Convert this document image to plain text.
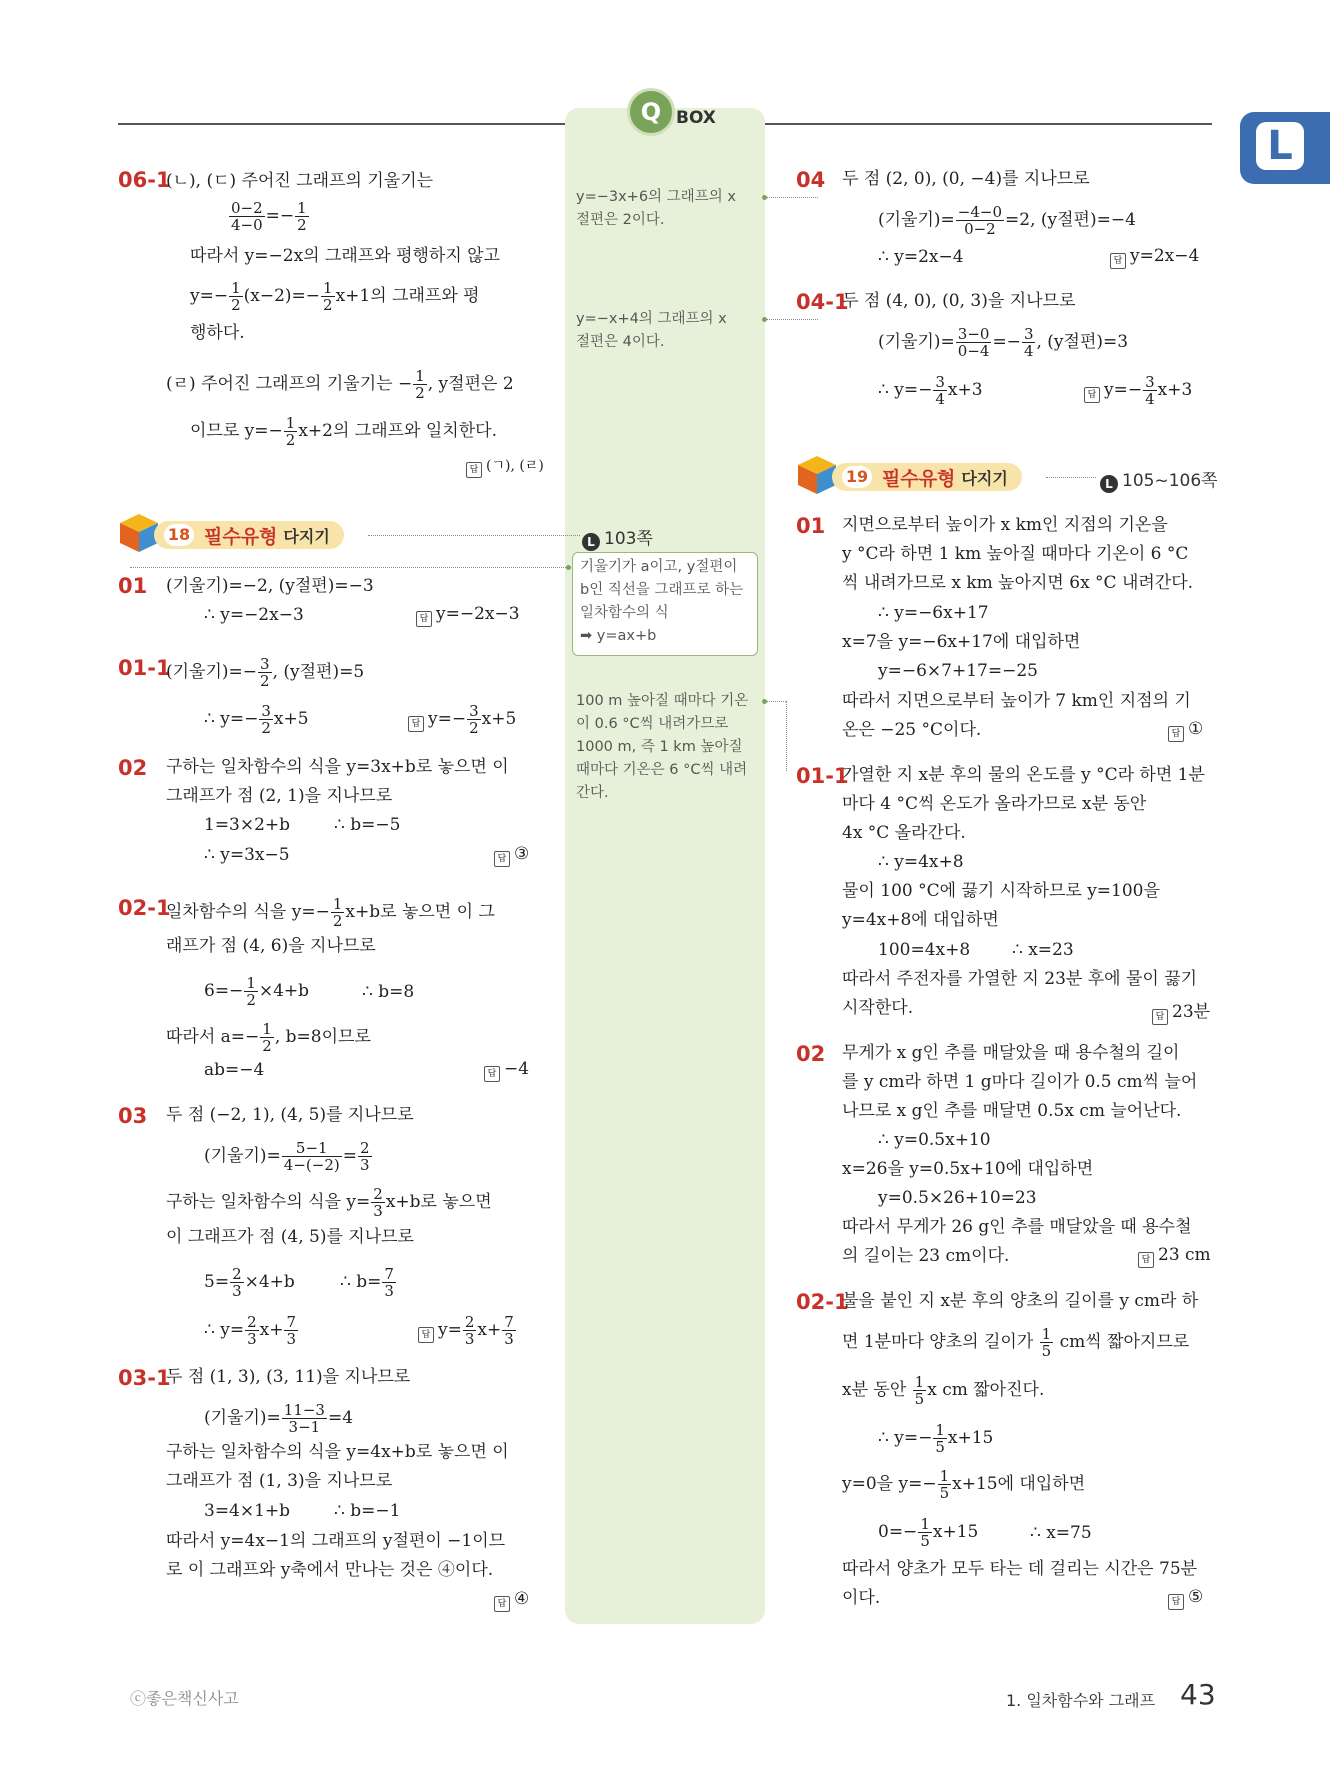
Q BOX
L
y=−3x+6의 그래프의 x
절편은 2이다.
y=−x+4의 그래프의 x
절편은 4이다.
기울기가 a이고, y절편이
b인 직선을 그래프로 하는
일차함수의 식
➡ y=ax+b
100 m 높아질 때마다 기온
이 0.6 °C씩 내려가므로
1000 m, 즉 1 km 높아질
때마다 기온은 6 °C씩 내려
간다.
06-1
(ㄴ), (ㄷ) 주어진 그래프의 기울기는
$\frac{0-2}{4-0} =- \frac{1}{2}$
따라서 y=−2x의 그래프와 평행하지 않고
$y=- \frac{1}{2} (x-2)=- \frac{1}{2} x+1$의 그래프와 평
행하다.
(ㄹ) 주어진 그래프의 기울기는 − $\frac{1}{2}$ , y절편은 2
이므로 $y=- \frac{1}{2} x+2$의 그래프와 일치한다.
답 (ㄱ), (ㄹ)
18 필수유형 다지기	L 103쪽
01 (기울기)=−2, (y절편)=−3
∴ y=−2x−3	답 y=−2x−3
01-1
(기울기)=− $\frac{3}{2}$ , (y절편)=5
∴ $y=- \frac{3}{2} x+5$	답 $y=- \frac{3}{2} x+5$
02 구하는 일차함수의 식을 y=3x+b로 놓으면 이
그래프가 점 (2, 1)을 지나므로
1=3×2+b	∴ b=−5
∴ y=3x−5	답 ③
02-1
일차함수의 식을 $y=- \frac{1}{2} x+b$로 놓으면 이 그
래프가 점 (4, 6)을 지나므로
$6=- \frac{1}{2} \times 4+b$	∴ b=8
따라서 $a=- \frac{1}{2}$ , b=8이므로
ab=−4	답 −4
03 두 점 (−2, 1), (4, 5)를 지나므로
(기울기)= $\frac{5-1}{4-(-2)} = \frac{2}{3}$
구하는 일차함수의 식을 $y= \frac{2}{3} x+b$로 놓으면
이 그래프가 점 (4, 5)를 지나므로
$5= \frac{2}{3} \times 4+b$	∴ $b= \frac{7}{3}$
∴ $y= \frac{2}{3} x+ \frac{7}{3}$	답 $y= \frac{2}{3} x+ \frac{7}{3}$
03-1
두 점 (1, 3), (3, 11)을 지나므로
(기울기)= $\frac{11-3}{3-1} =4$
구하는 일차함수의 식을 y=4x+b로 놓으면 이
그래프가 점 (1, 3)을 지나므로
3=4×1+b	∴ b=−1
따라서 y=4x−1의 그래프의 y절편이 −1이므
로 이 그래프와 y축에서 만나는 것은 ④이다.
답 ④
04 두 점 (2, 0), (0, −4)를 지나므로
(기울기)= $\frac{-4-0}{0-2} =2$, (y절편)=−4
∴ y=2x−4	답 y=2x−4
04-1
두 점 (4, 0), (0, 3)을 지나므로
(기울기)= $\frac{3-0}{0-4} =- \frac{3}{4}$ , (y절편)=3
∴ $y=- \frac{3}{4} x+3$	답 $y=- \frac{3}{4} x+3$
19 필수유형 다지기	L 105~106쪽
01 지면으로부터 높이가 x km인 지점의 기온을
y °C라 하면 1 km 높아질 때마다 기온이 6 °C
씩 내려가므로 x km 높아지면 6x °C 내려간다.
∴ y=−6x+17
x=7을 y=−6x+17에 대입하면
y=−6×7+17=−25
따라서 지면으로부터 높이가 7 km인 지점의 기
온은 −25 °C이다.	답 ①
01-1
가열한 지 x분 후의 물의 온도를 y °C라 하면 1분
마다 4 °C씩 온도가 올라가므로 x분 동안
4x °C 올라간다.
∴ y=4x+8
물이 100 °C에 끓기 시작하므로 y=100을
y=4x+8에 대입하면
100=4x+8 ∴ x=23
따라서 주전자를 가열한 지 23분 후에 물이 끓기
시작한다.	답 23분
02 무게가 x g인 추를 매달았을 때 용수철의 길이
를 y cm라 하면 1 g마다 길이가 0.5 cm씩 늘어
나므로 x g인 추를 매달면 0.5x cm 늘어난다.
∴ y=0.5x+10
x=26을 y=0.5x+10에 대입하면
y=0.5×26+10=23
따라서 무게가 26 g인 추를 매달았을 때 용수철
의 길이는 23 cm이다.	답 23 cm
02-1
불을 붙인 지 x분 후의 양초의 길이를 y cm라 하
면 1분마다 양초의 길이가 $\frac{1}{5}$ cm씩 짧아지므로
x분 동안 $\frac{1}{5}$ x cm 짧아진다.
∴ $y=- \frac{1}{5} x+15$
y=0을 $y=- \frac{1}{5} x+15$에 대입하면
$0=- \frac{1}{5} x+15$	∴ x=75
따라서 양초가 모두 타는 데 걸리는 시간은 75분
이다.	답 ⑤
ⓒ좋은책신사고	1. 일차함수와 그래프 43
